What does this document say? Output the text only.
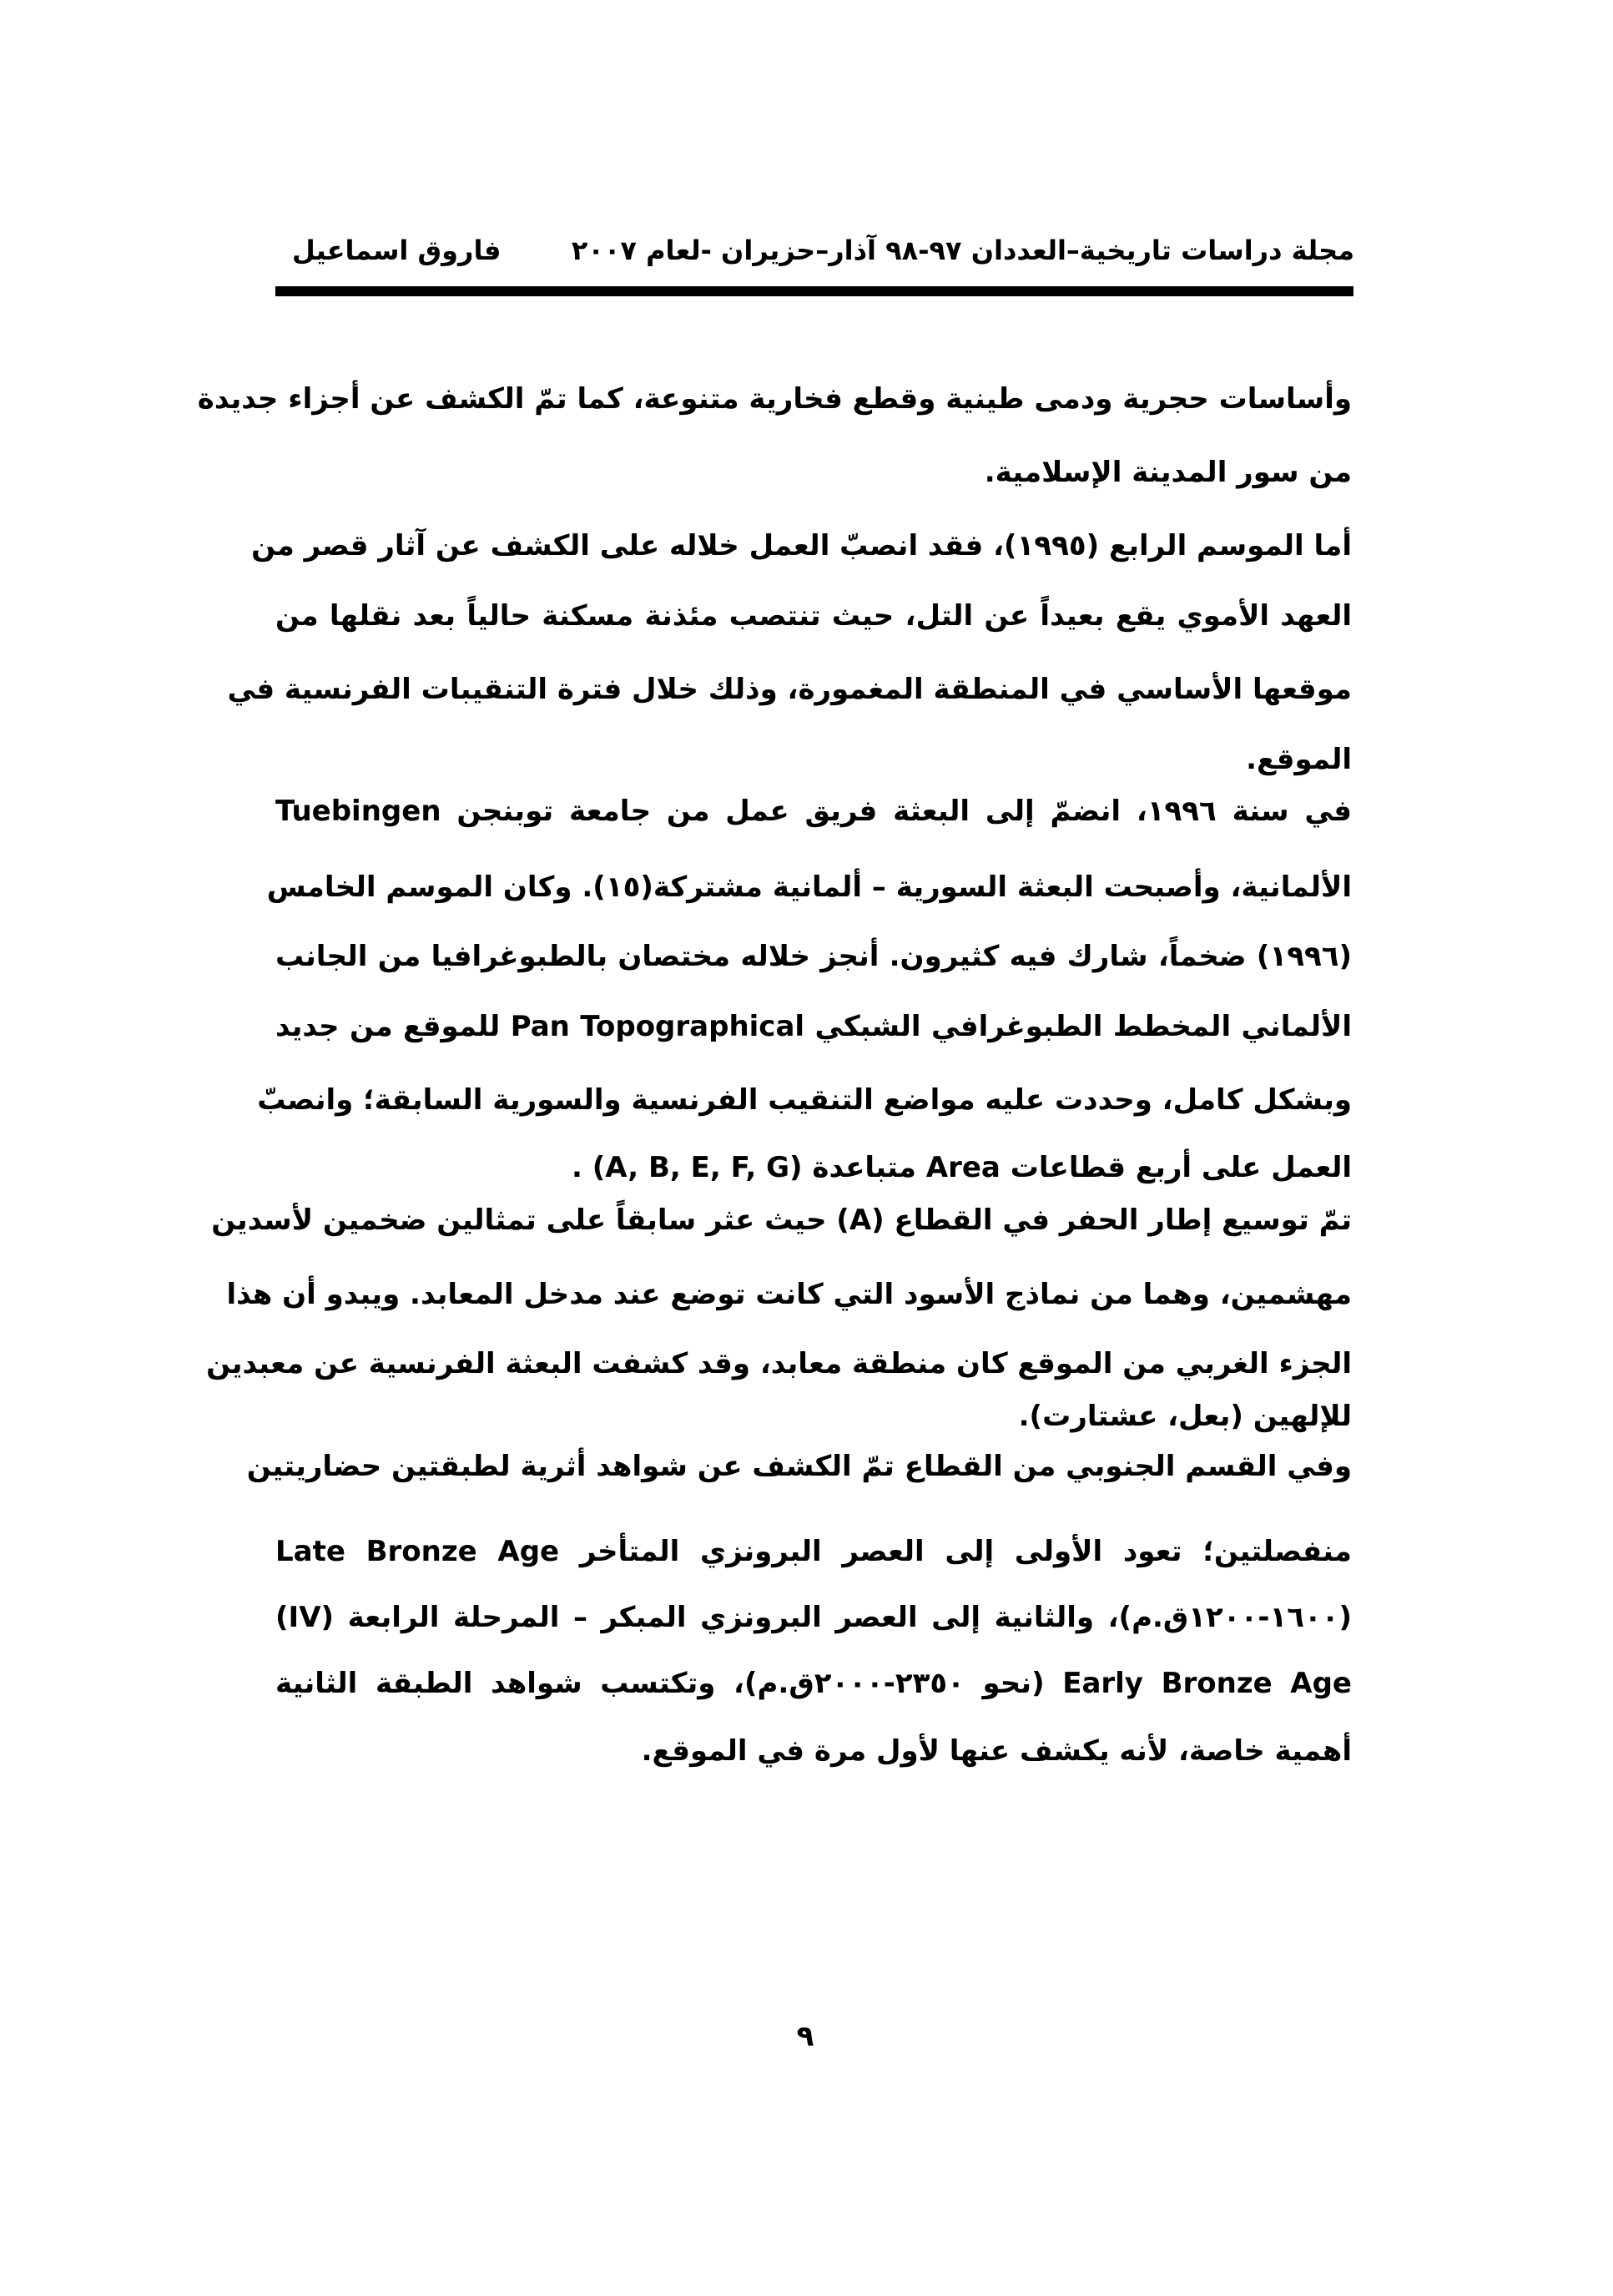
مجلة دراسات تاريخية–العددان ٩٧-٩٨ آذار–حزيران -لعام ٢٠٠٧
فاروق اسماعيل
وأساسات حجرية ودمى طينية وقطع فخارية متنوعة، كما تمّ الكشف عن أجزاء جديدة
من سور المدينة الإسلامية.
أما الموسم الرابع (١٩٩٥)، فقد انصبّ العمل خلاله على الكشف عن آثار قصر من
العهد الأموي يقع بعيداً عن التل، حيث تنتصب مئذنة مسكنة حالياً بعد نقلها من
موقعها الأساسي في المنطقة المغمورة، وذلك خلال فترة التنقيبات الفرنسية في
الموقع.
في سنة ١٩٩٦، انضمّ إلى البعثة فريق عمل من جامعة توبنجن Tuebingen
الألمانية، وأصبحت البعثة السورية – ألمانية مشتركة(١٥). وكان الموسم الخامس
(١٩٩٦) ضخماً، شارك فيه كثيرون. أنجز خلاله مختصان بالطبوغرافيا من الجانب
الألماني المخطط الطبوغرافي الشبكي Pan Topographical للموقع من جديد
وبشكل كامل، وحددت عليه مواضع التنقيب الفرنسية والسورية السابقة؛ وانصبّ
العمل على أربع قطاعات Area متباعدة (A, B, E, F, G) .
تمّ توسيع إطار الحفر في القطاع (A) حيث عثر سابقاً على تمثالين ضخمين لأسدين
مهشمين، وهما من نماذج الأسود التي كانت توضع عند مدخل المعابد. ويبدو أن هذا
الجزء الغربي من الموقع كان منطقة معابد، وقد كشفت البعثة الفرنسية عن معبدين
للإلهين (بعل، عشتارت).
وفي القسم الجنوبي من القطاع تمّ الكشف عن شواهد أثرية لطبقتين حضاريتين
منفصلتين؛ تعود الأولى إلى العصر البرونزي المتأخر Late Bronze Age
(١٦٠٠-١٢٠٠ق.م)، والثانية إلى العصر البرونزي المبكر – المرحلة الرابعة (IV)
Early Bronze Age (نحو ٢٣٥٠-٢٠٠٠ق.م)، وتكتسب شواهد الطبقة الثانية
أهمية خاصة، لأنه يكشف عنها لأول مرة في الموقع.
٩
